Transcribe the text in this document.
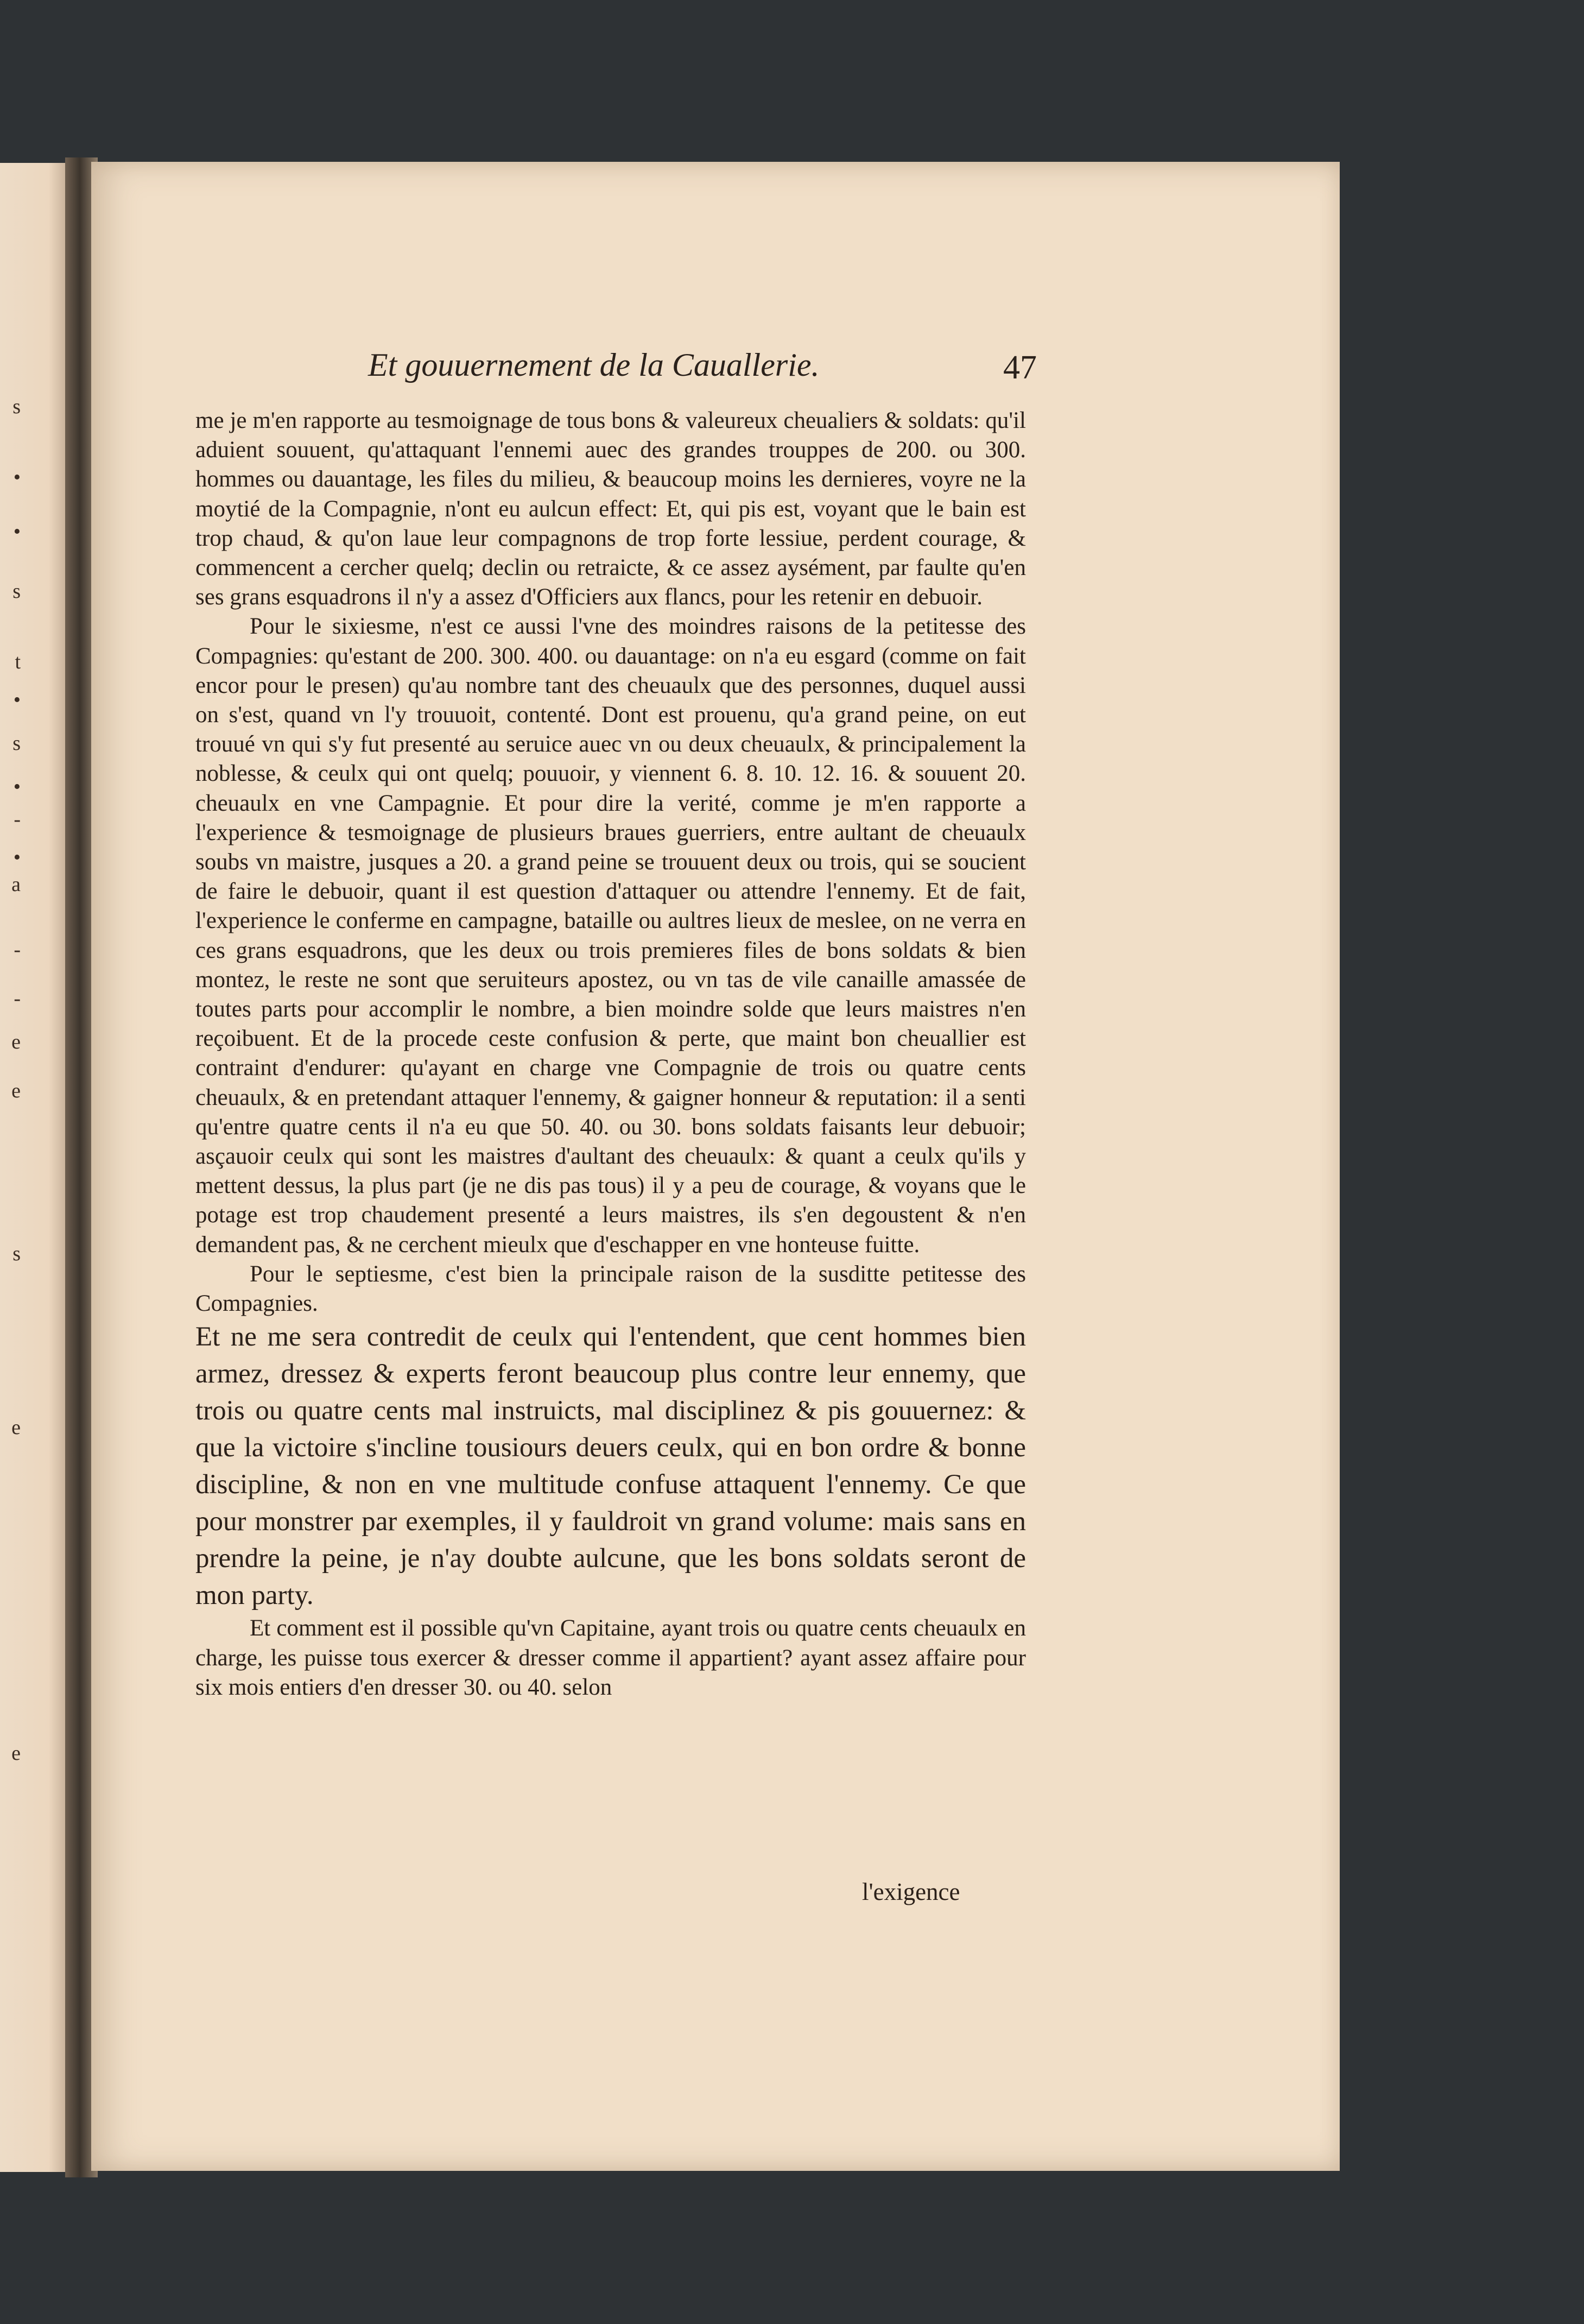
s
•
•
s
t
•
s
•
-
•
a
-
-
e
e
s
e
e
Et gouuernement de la Cauallerie.	47

me je m'en rapporte au tesmoignage de tous bons & valeureux cheualiers & soldats: qu'il aduient souuent, qu'attaquant l'ennemi auec des grandes trouppes de 200. ou 300. hommes ou dauantage, les files du milieu, & beaucoup moins les dernieres, voyre ne la moytié de la Compagnie, n'ont eu aulcun effect: Et, qui pis est, voyant que le bain est trop chaud, & qu'on laue leur compagnons de trop forte lessiue, perdent courage, & commencent a cercher quelq; declin ou retraicte, & ce assez aysément, par faulte qu'en ses grans esquadrons il n'y a assez d'Officiers aux flancs, pour les retenir en debuoir.

Pour le sixiesme, n'est ce aussi l'vne des moindres raisons de la petitesse des Compagnies: qu'estant de 200. 300. 400. ou dauantage: on n'a eu esgard (comme on fait encor pour le presen) qu'au nombre tant des cheuaulx que des personnes, duquel aussi on s'est, quand vn l'y trouuoit, contenté. Dont est prouenu, qu'a grand peine, on eut trouué vn qui s'y fut presenté au seruice auec vn ou deux cheuaulx, & principalement la noblesse, & ceulx qui ont quelq; pouuoir, y viennent 6. 8. 10. 12. 16. & souuent 20. cheuaulx en vne Campagnie. Et pour dire la verité, comme je m'en rapporte a l'experience & tesmoignage de plusieurs braues guerriers, entre aultant de cheuaulx soubs vn maistre, jusques a 20. a grand peine se trouuent deux ou trois, qui se soucient de faire le debuoir, quant il est question d'attaquer ou attendre l'ennemy. Et de fait, l'experience le conferme en campagne, bataille ou aultres lieux de meslee, on ne verra en ces grans esquadrons, que les deux ou trois premieres files de bons soldats & bien montez, le reste ne sont que seruiteurs apostez, ou vn tas de vile canaille amassée de toutes parts pour accomplir le nombre, a bien moindre solde que leurs maistres n'en reçoibuent. Et de la procede ceste confusion & perte, que maint bon cheuallier est contraint d'endurer: qu'ayant en charge vne Compagnie de trois ou quatre cents cheuaulx, & en pretendant attaquer l'ennemy, & gaigner honneur & reputation: il a senti qu'entre quatre cents il n'a eu que 50. 40. ou 30. bons soldats faisants leur debuoir; asçauoir ceulx qui sont les maistres d'aultant des cheuaulx: & quant a ceulx qu'ils y mettent dessus, la plus part (je ne dis pas tous) il y a peu de courage, & voyans que le potage est trop chaudement presenté a leurs maistres, ils s'en degoustent & n'en demandent pas, & ne cerchent mieulx que d'eschapper en vne honteuse fuitte.

Pour le septiesme, c'est bien la principale raison de la susditte petitesse des Compagnies.

Et ne me sera contredit de ceulx qui l'entendent, que cent hommes bien armez, dressez & experts feront beaucoup plus contre leur ennemy, que trois ou quatre cents mal instruicts, mal disciplinez & pis gouuernez: & que la victoire s'incline tousiours deuers ceulx, qui en bon ordre & bonne discipline, & non en vne multitude confuse attaquent l'ennemy. Ce que pour monstrer par exemples, il y fauldroit vn grand volume: mais sans en prendre la peine, je n'ay doubte aulcune, que les bons soldats seront de mon party.

Et comment est il possible qu'vn Capitaine, ayant trois ou quatre cents cheuaulx en charge, les puisse tous exercer & dresser comme il appartient? ayant assez affaire pour six mois entiers d'en dresser 30. ou 40. selon

l'exigence
